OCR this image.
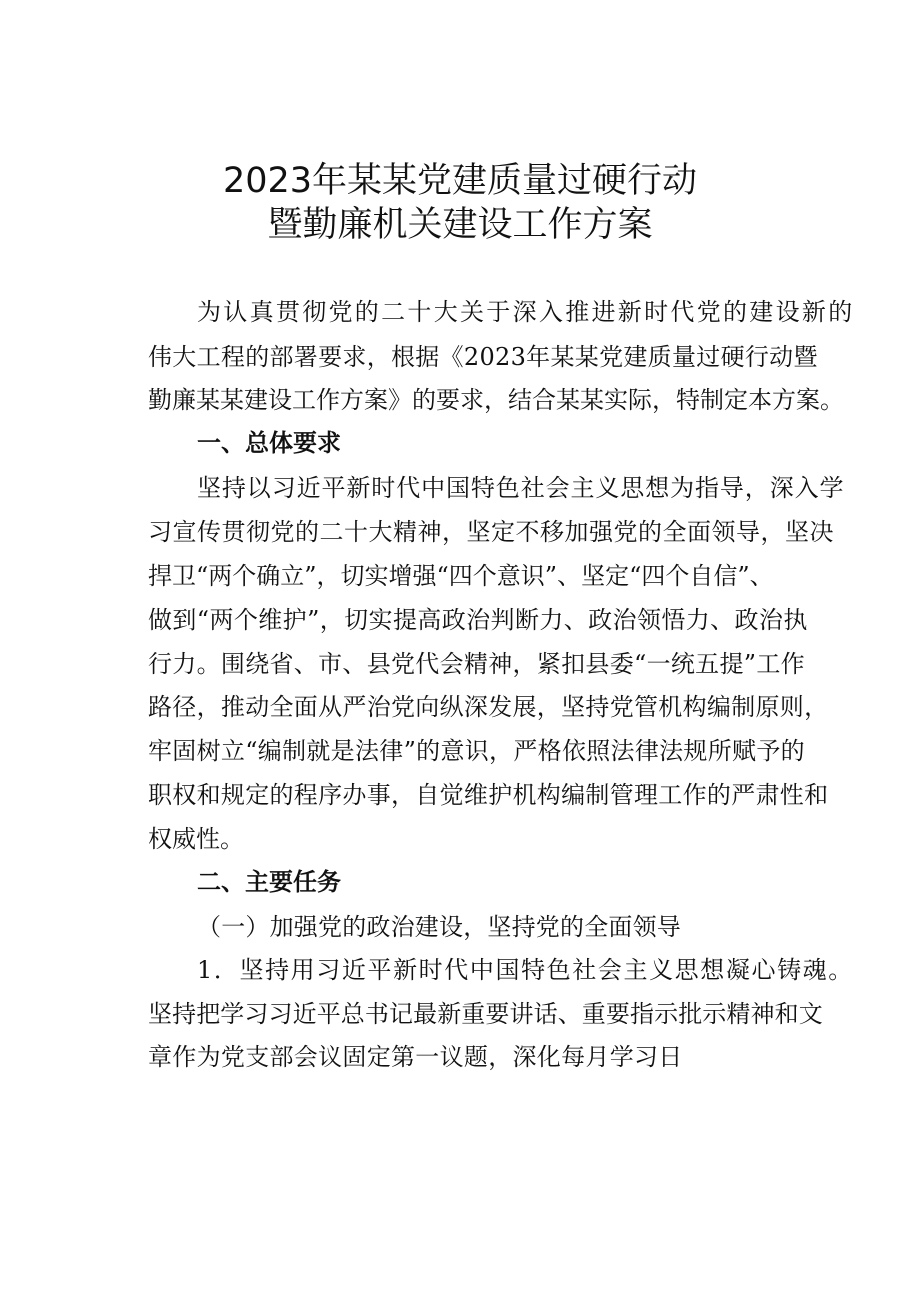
2023年某某党建质量过硬行动
暨勤廉机关建设工作方案
为认真贯彻党的二十大关于深入推进新时代党的建设新的
伟大工程的部署要求，根据《2023年某某党建质量过硬行动暨
勤廉某某建设工作方案》的要求，结合某某实际，特制定本方案。
一、总体要求
坚持以习近平新时代中国特色社会主义思想为指导，深入学
习宣传贯彻党的二十大精神，坚定不移加强党的全面领导，坚决
捍卫“两个确立”，切实增强“四个意识”、坚定“四个自信”、
做到“两个维护”，切实提高政治判断力、政治领悟力、政治执
行力。围绕省、市、县党代会精神，紧扣县委“一统五提”工作
路径，推动全面从严治党向纵深发展，坚持党管机构编制原则，
牢固树立“编制就是法律”的意识，严格依照法律法规所赋予的
职权和规定的程序办事，自觉维护机构编制管理工作的严肃性和
权威性。
二、主要任务
（一）加强党的政治建设，坚持党的全面领导
1．坚持用习近平新时代中国特色社会主义思想凝心铸魂。
坚持把学习习近平总书记最新重要讲话、重要指示批示精神和文
章作为党支部会议固定第一议题，深化每月学习日
